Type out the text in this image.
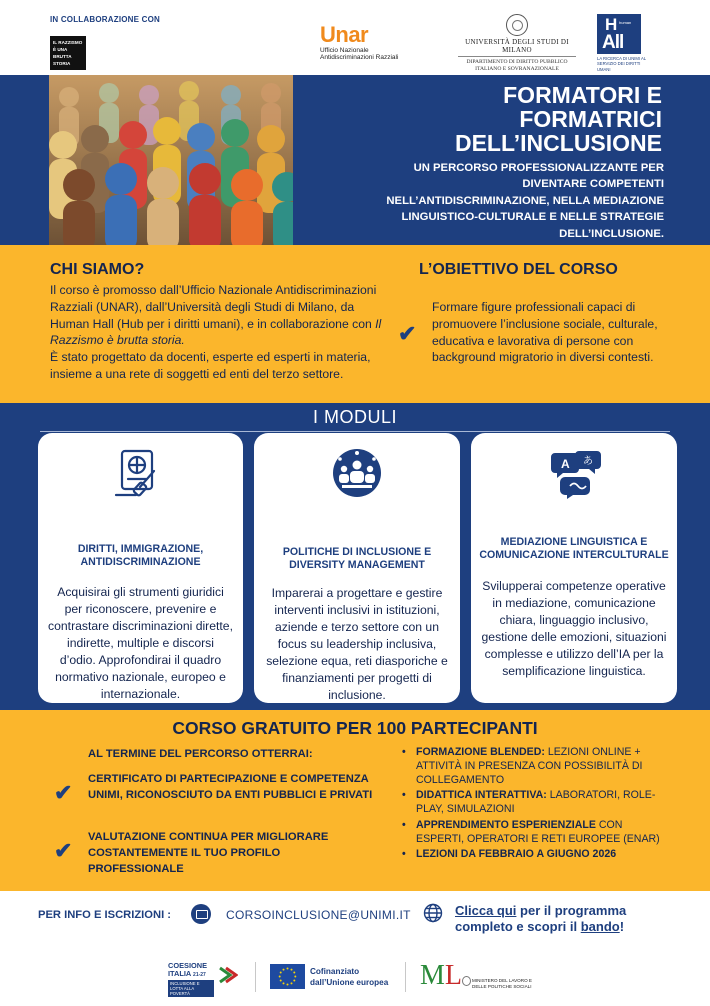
IN COLLABORAZIONE CON
IL RAZZISMO
È UNA
BRUTTA STORIA
Unar
Ufficio Nazionale
Antidiscriminazioni Razziali
UNIVERSITÀ DEGLI STUDI DI MILANO
DIPARTIMENTO DI DIRITTO PUBBLICO
ITALIANO E SOVRANAZIONALE
H human
All
LA RICERCA DI UNIMI AL SERVIZIO DEI DIRITTI UMANI
FORMATORI E
FORMATRICI
DELL’INCLUSIONE
UN PERCORSO PROFESSIONALIZZANTE PER DIVENTARE COMPETENTI NELL’ANTIDISCRIMINAZIONE, NELLA MEDIAZIONE LINGUISTICO-CULTURALE E NELLE STRATEGIE DELL’INCLUSIONE.
CHI SIAMO?

Il corso è promosso dall’Ufficio Nazionale Antidiscriminazioni Razziali (UNAR), dall’Università degli Studi di Milano, da Human Hall (Hub per i diritti umani), e in collaborazione con Il Razzismo è brutta storia.

È stato progettato da docenti, esperte ed esperti in materia, insieme a una rete di soggetti ed enti del terzo settore.

L’OBIETTIVO DEL CORSO
✔
Formare figure professionali capaci di promuovere l’inclusione sociale, culturale, educativa e lavorativa di persone con background migratorio in diversi contesti.
I MODULI
DIRITTI, IMMIGRAZIONE, ANTIDISCRIMINAZIONE
Acquisirai gli strumenti giuridici per riconoscere, prevenire e contrastare discriminazioni dirette, indirette, multiple e discorsi d’odio. Approfondirai il quadro normativo nazionale, europeo e internazionale.
POLITICHE DI INCLUSIONE E DIVERSITY MANAGEMENT
Imparerai a progettare e gestire interventi inclusivi in istituzioni, aziende e terzo settore con un focus su leadership inclusiva, selezione equa, reti diasporiche e finanziamenti per progetti di inclusione.
A あ
MEDIAZIONE LINGUISTICA E COMUNICAZIONE INTERCULTURALE
Svilupperai competenze operative in mediazione, comunicazione chiara, linguaggio inclusivo, gestione delle emozioni, situazioni complesse e utilizzo dell’IA per la semplificazione linguistica.
CORSO GRATUITO PER 100 PARTECIPANTI
AL TERMINE DEL PERCORSO OTTERRAI:
✔
CERTIFICATO DI PARTECIPAZIONE E COMPETENZA UNIMI, RICONOSCIUTO DA ENTI PUBBLICI E PRIVATI
✔
VALUTAZIONE CONTINUA PER MIGLIORARE COSTANTEMENTE IL TUO PROFILO PROFESSIONALE
• FORMAZIONE BLENDED: LEZIONI ONLINE + ATTIVITÀ IN PRESENZA CON POSSIBILITÀ DI COLLEGAMENTO
• DIDATTICA INTERATTIVA: LABORATORI, ROLE-PLAY, SIMULAZIONI
• APPRENDIMENTO ESPERIENZIALE CON ESPERTI, OPERATORI E RETI EUROPEE (ENAR)
• LEZIONI DA FEBBRAIO A GIUGNO 2026
PER INFO E ISCRIZIONI :	CORSOINCLUSIONE@UNIMI.IT	Clicca qui per il programma completo e scopri il bando!
COESIONE
ITALIA 21-27
INCLUSIONE E LOTTA ALLA POVERTÀ
Cofinanziato
dall’Unione europea ML MINISTERO DEL LAVORO E DELLE POLITICHE SOCIALI
